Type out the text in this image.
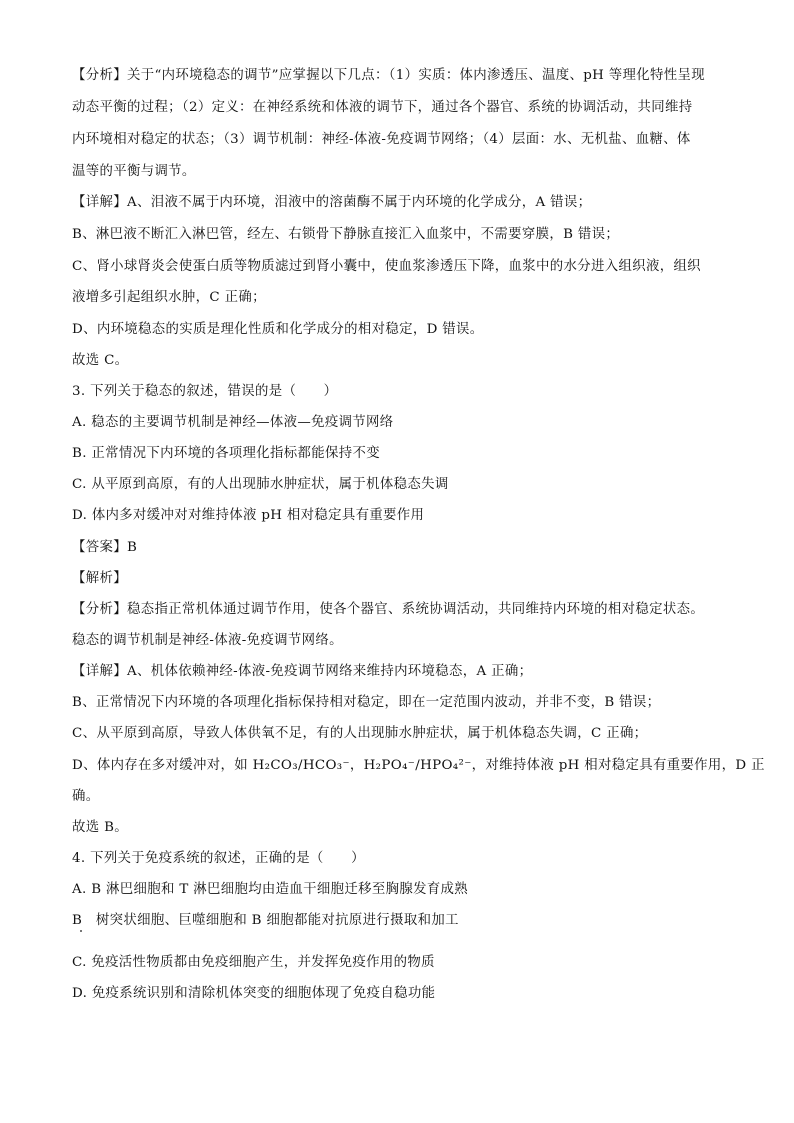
【分析】关于“内环境稳态的调节”应掌握以下几点：（1）实质：体内渗透压、温度、pH 等理化特性呈现
动态平衡的过程；（2）定义：在神经系统和体液的调节下，通过各个器官、系统的协调活动，共同维持
内环境相对稳定的状态；（3）调节机制：神经-体液-免疫调节网络；（4）层面：水、无机盐、血糖、体
温等的平衡与调节。
【详解】A、泪液不属于内环境，泪液中的溶菌酶不属于内环境的化学成分，A 错误；
B、淋巴液不断汇入淋巴管，经左、右锁骨下静脉直接汇入血浆中，不需要穿膜，B 错误；
C、肾小球肾炎会使蛋白质等物质滤过到肾小囊中，使血浆渗透压下降，血浆中的水分进入组织液，组织
液增多引起组织水肿，C 正确；
D、内环境稳态的实质是理化性质和化学成分的相对稳定，D 错误。
故选 C。
3. 下列关于稳态的叙述，错误的是（　　）
A. 稳态的主要调节机制是神经—体液—免疫调节网络
B. 正常情况下内环境的各项理化指标都能保持不变
C. 从平原到高原，有的人出现肺水肿症状，属于机体稳态失调
D. 体内多对缓冲对对维持体液 pH 相对稳定具有重要作用
【答案】B
【解析】
【分析】稳态指正常机体通过调节作用，使各个器官、系统协调活动，共同维持内环境的相对稳定状态。
稳态的调节机制是神经-体液-免疫调节网络。
【详解】A、机体依赖神经-体液-免疫调节网络来维持内环境稳态，A 正确；
B、正常情况下内环境的各项理化指标保持相对稳定，即在一定范围内波动，并非不变，B 错误；
C、从平原到高原，导致人体供氧不足，有的人出现肺水肿症状，属于机体稳态失调，C 正确；
D、体内存在多对缓冲对，如 H₂CO₃/HCO₃⁻，H₂PO₄⁻/HPO₄²⁻，对维持体液 pH 相对稳定具有重要作用，D 正
确。
故选 B。
4. 下列关于免疫系统的叙述，正确的是（　　）
A. B 淋巴细胞和 T 淋巴细胞均由造血干细胞迁移至胸腺发育成熟
B　树突状细胞、巨噬细胞和 B 细胞都能对抗原进行摄取和加工
C. 免疫活性物质都由免疫细胞产生，并发挥免疫作用的物质
D. 免疫系统识别和清除机体突变的细胞体现了免疫自稳功能
